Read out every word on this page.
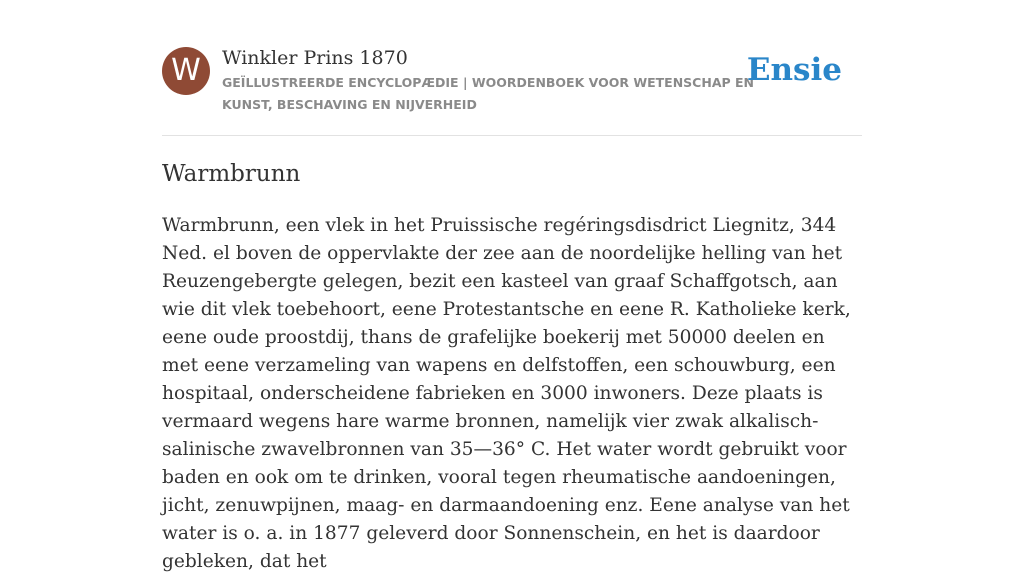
W	Winkler Prins 1870
GEÏLLUSTREERDE ENCYCLOPÆDIE | WOORDENBOEK VOOR WETENSCHAP EN KUNST, BESCHAVING EN NIJVERHEID
Ensie
Warmbrunn

Warmbrunn, een vlek in het Pruissische regéringsdisdrict Liegnitz, 344 Ned. el boven de oppervlakte der zee aan de noordelijke helling van het Reuzengebergte gelegen, bezit een kasteel van graaf Schaffgotsch, aan wie dit vlek toebehoort, eene Protestantsche en eene R. Katholieke kerk, eene oude proostdij, thans de grafelijke boekerij met 50000 deelen en met eene verzameling van wapens en delfstoffen, een schouwburg, een hospitaal, onderscheidene fabrieken en 3000 inwoners. Deze plaats is vermaard wegens hare warme bronnen, namelijk vier zwak alkalisch-salinische zwavelbronnen van 35—36° C. Het water wordt gebruikt voor baden en ook om te drinken, vooral tegen rheumatische aandoeningen, jicht, zenuwpijnen, maag- en darmaandoening enz. Eene analyse van het water is o. a. in 1877 geleverd door Sonnenschein, en het is daardoor gebleken, dat het
